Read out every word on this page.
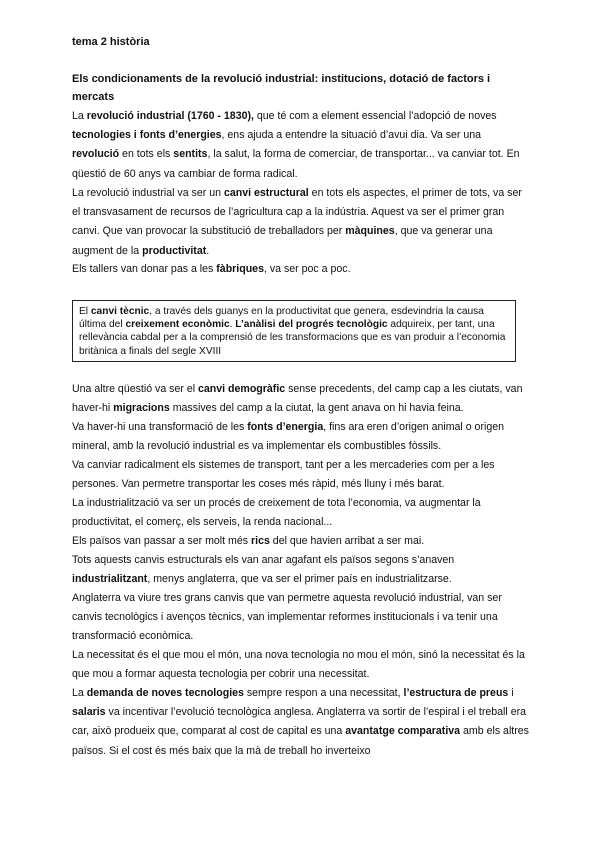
tema 2 història
Els condicionaments de la revolució industrial: institucions, dotació de factors i mercats
La revolució industrial (1760 - 1830), que té com a element essencial l’adopció de noves tecnologies i fonts d’energies, ens ajuda a entendre la situació d’avui dia. Va ser una revolució en tots els sentits, la salut, la forma de comerciar, de transportar... va canviar tot. En qüestió de 60 anys va cambiar de forma radical.
La revolució industrial va ser un canvi estructural en tots els aspectes, el primer de tots, va ser el transvasament de recursos de l’agricultura cap a la indústria. Aquest va ser el primer gran canvi. Que van provocar la substitució de treballadors per màquines, que va generar una augment de la productivitat.
Els tallers van donar pas a les fàbriques, va ser poc a poc.
El canvi tècnic, a través dels guanys en la productivitat que genera, esdevindria la causa última del creixement econòmic. L’anàlisi del progrés tecnològic adquireix, per tant, una rellevància cabdal per a la comprensió de les transformacions que es van produir a l’economia britànica a finals del segle XVIII
Una altre qüestió va ser el canvi demogràfic sense precedents, del camp cap a les ciutats, van haver-hi migracions massives del camp a la ciutat, la gent anava on hi havia feina.
Va haver-hi una transformació de les fonts d’energia, fins ara eren d’origen animal o origen mineral, amb la revolució industrial es va implementar els combustibles fòssils.
Va canviar radicalment els sistemes de transport, tant per a les mercaderies com per a les persones. Van permetre transportar les coses més ràpid, més lluny i més barat.
La industrialització va ser un procés de creixement de tota l’economia, va augmentar la productivitat, el comerç, els serveis, la renda nacional...
Els països van passar a ser molt més rics del que havien arribat a ser mai.
Tots aquests canvis estructurals els van anar agafant els països segons s’anaven industrialitzant, menys anglaterra, que va ser el primer país en industrialitzarse.
Anglaterra va viure tres grans canvis que van permetre aquesta revolució industrial, van ser canvis tecnològics i avenços tècnics, van implementar reformes institucionals i va tenir una transformació econòmica.
La necessitat és el que mou el món, una nova tecnologia no mou el món, sinó la necessitat és la que mou a formar aquesta tecnologia per cobrir una necessitat.
La demanda de noves tecnologies sempre respon a una necessitat, l’estructura de preus i salaris va incentivar l’evolució tecnològica anglesa. Anglaterra va sortir de l’espiral i el treball era car, això produeix que, comparat al cost de capital es una avantatge comparativa amb els altres països. Si el cost és més baix que la mà de treball ho inverteixo
